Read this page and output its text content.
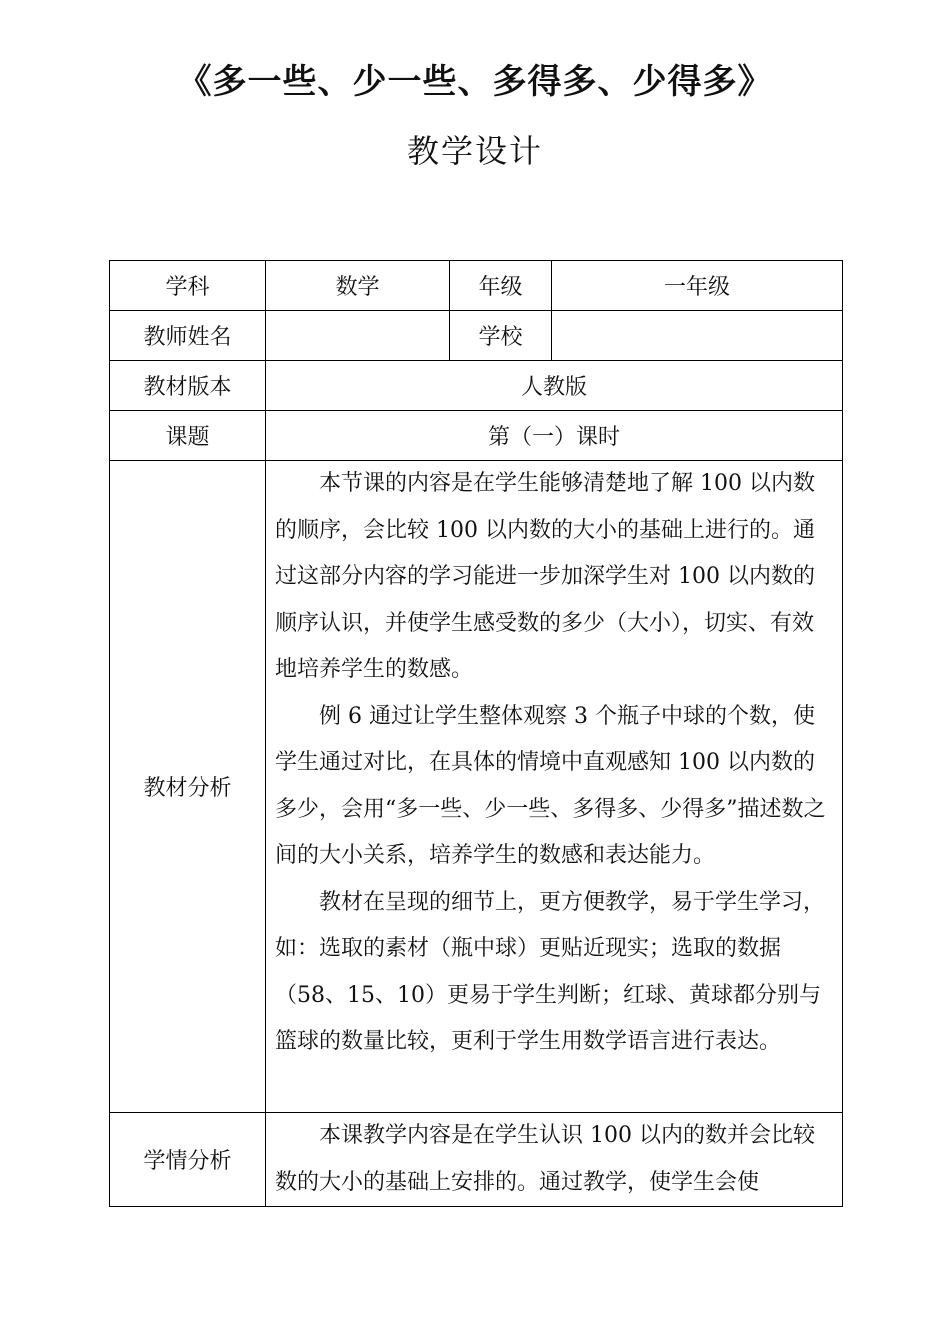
《多一些、少一些、多得多、少得多》
教学设计
学科	数学	年级	一年级
教师姓名		学校	
教材版本	人教版		
课题	第（一）课时		
教材分析	本节课的内容是在学生能够清楚地了解 100 以内数的顺序，会比较 100 以内数的大小的基础上进行的。通过这部分内容的学习能进一步加深学生对 100 以内数的顺序认识，并使学生感受数的多少（大小），切实、有效地培养学生的数感。

例 6 通过让学生整体观察 3 个瓶子中球的个数，使学生通过对比，在具体的情境中直观感知 100 以内数的多少，会用“多一些、少一些、多得多、少得多”描述数之间的大小关系，培养学生的数感和表达能力。

教材在呈现的细节上，更方便教学，易于学生学习，如：选取的素材（瓶中球）更贴近现实；选取的数据（58、15、10）更易于学生判断；红球、黄球都分别与篮球的数量比较，更利于学生用数学语言进行表达。		

学情分析	本课教学内容是在学生认识 100 以内的数并会比较数的大小的基础上安排的。通过教学，使学生会使		
